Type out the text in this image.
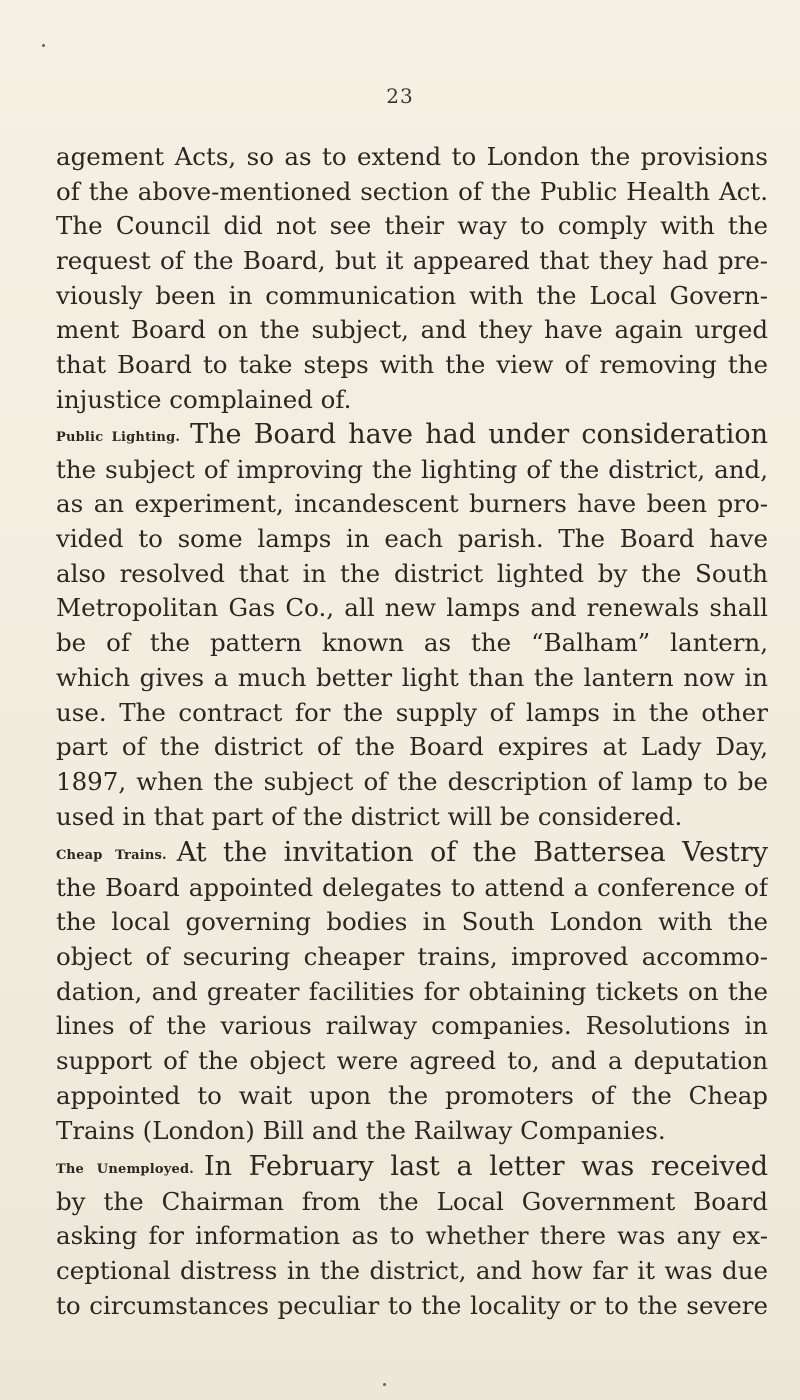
23
agement Acts, so as to extend to London the provisions
of the above-mentioned section of the Public Health Act.
The Council did not see their way to comply with the
request of the Board, but it appeared that they had pre-
viously been in communication with the Local Govern-
ment Board on the subject, and they have again urged
that Board to take steps with the view of removing the
injustice complained of.
Public Lighting. The Board have had under consideration
the subject of improving the lighting of the district, and,
as an experiment, incandescent burners have been pro-
vided to some lamps in each parish. The Board have
also resolved that in the district lighted by the South
Metropolitan Gas Co., all new lamps and renewals shall
be of the pattern known as the “Balham” lantern,
which gives a much better light than the lantern now in
use. The contract for the supply of lamps in the other
part of the district of the Board expires at Lady Day,
1897, when the subject of the description of lamp to be
used in that part of the district will be considered.
Cheap Trains. At the invitation of the Battersea Vestry
the Board appointed delegates to attend a conference of
the local governing bodies in South London with the
object of securing cheaper trains, improved accommo-
dation, and greater facilities for obtaining tickets on the
lines of the various railway companies. Resolutions in
support of the object were agreed to, and a deputation
appointed to wait upon the promoters of the Cheap
Trains (London) Bill and the Railway Companies.
The Unemployed. In February last a letter was received
by the Chairman from the Local Government Board
asking for information as to whether there was any ex-
ceptional distress in the district, and how far it was due
to circumstances peculiar to the locality or to the severe
